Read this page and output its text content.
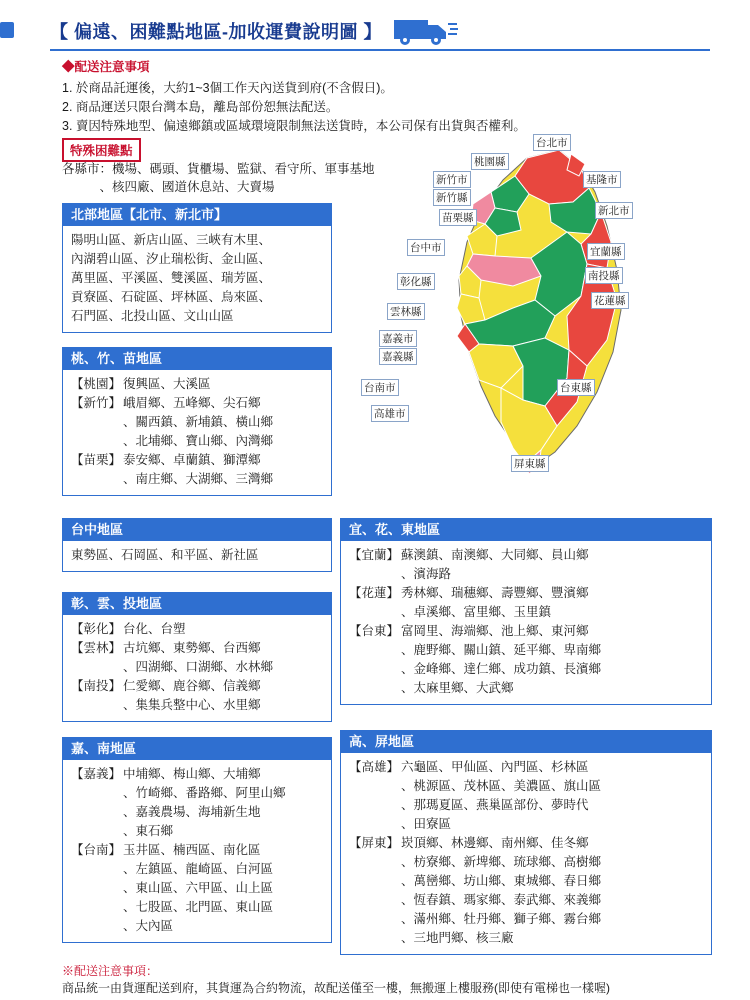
【 偏遠、困難點地區-加收運費說明圖 】
◆配送注意事項
1. 於商品託運後，大約1~3個工作天內送貨到府(不含假日)。
2. 商品運送只限台灣本島，離島部份恕無法配送。
3. 賣因特殊地型、偏遠鄉鎮或區域環境限制無法送貨時，本公司保有出貨與否權利。
特殊困難點
各縣市：機場、碼頭、貨櫃場、監獄、看守所、軍事基地
　　　、核四廠、國道休息站、大賣場
北部地區【北市、新北市】
陽明山區、新店山區、三峽有木里、
內湖碧山區、汐止瑞松街、金山區、
萬里區、平溪區、雙溪區、瑞芳區、
貢寮區、石碇區、坪林區、烏來區、
石門區、北投山區、文山山區
桃、竹、苗地區
【桃園】 復興區、大溪區
【新竹】 峨眉鄉、五峰鄉、尖石鄉
、關西鎮、新埔鎮、橫山鄉
、北埔鄉、寶山鄉、內灣鄉
【苗栗】 泰安鄉、卓蘭鎮、獅潭鄉
、南庄鄉、大湖鄉、三灣鄉
台中地區
東勢區、石岡區、和平區、新社區
彰、雲、投地區
【彰化】 台化、台塑
【雲林】 古坑鄉、東勢鄉、台西鄉
、四湖鄉、口湖鄉、水林鄉
【南投】 仁愛鄉、鹿谷鄉、信義鄉
、集集兵整中心、水里鄉
嘉、南地區
【嘉義】 中埔鄉、梅山鄉、大埔鄉
、竹崎鄉、番路鄉、阿里山鄉
、嘉義農場、海埔新生地
、東石鄉
【台南】 玉井區、楠西區、南化區
、左鎮區、龍崎區、白河區
、東山區、六甲區、山上區
、七股區、北門區、東山區
、大內區
宜、花、東地區
【宜蘭】 蘇澳鎮、南澳鄉、大同鄉、員山鄉
、濱海路
【花蓮】 秀林鄉、瑞穗鄉、壽豐鄉、豐濱鄉
、卓溪鄉、富里鄉、玉里鎮
【台東】 富岡里、海端鄉、池上鄉、東河鄉
、鹿野鄉、關山鎮、延平鄉、卑南鄉
、金峰鄉、達仁鄉、成功鎮、長濱鄉
、太麻里鄉、大武鄉
高、屏地區
【高雄】 六龜區、甲仙區、內門區、杉林區
、桃源區、茂林區、美濃區、旗山區
、那瑪夏區、燕巢區部份、夢時代
、田寮區
【屏東】 崁頂鄉、林邊鄉、南州鄉、佳冬鄉
、枋寮鄉、新埤鄉、琉球鄉、高樹鄉
、萬巒鄉、坊山鄉、東城鄉、春日鄉
、恆春鎮、瑪家鄉、泰武鄉、來義鄉
、滿州鄉、牡丹鄉、獅子鄉、霧台鄉
、三地門鄉、核三廠
台北市
桃園縣
新竹市
新竹縣
基隆市
新北市
苗栗縣
台中市	宜蘭縣
南投縣
彰化縣
花蓮縣
雲林縣
嘉義市
嘉義縣
台南市	台東縣
高雄市
屏東縣
※配送注意事項：
商品統一由貨運配送到府，其貨運為合約物流，故配送僅至一樓，無搬運上樓服務(即使有電梯也一樣喔)
